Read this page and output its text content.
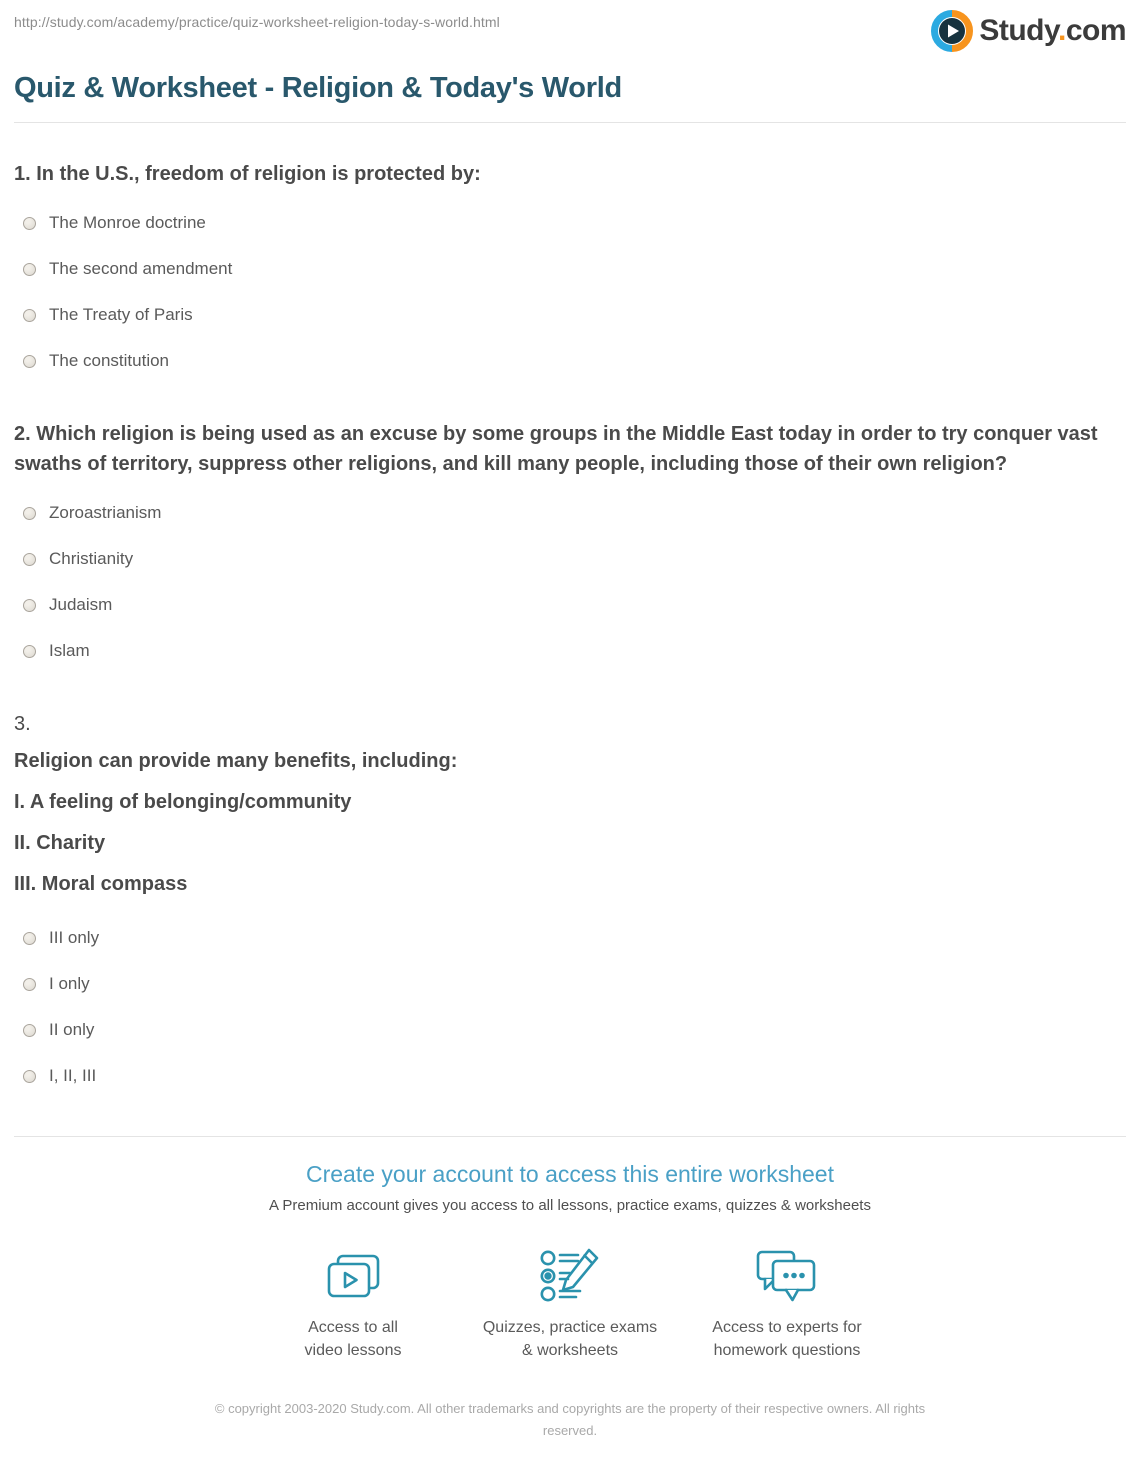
http://study.com/academy/practice/quiz-worksheet-religion-today-s-world.html	Study.com
Quiz & Worksheet - Religion & Today's World
1. In the U.S., freedom of religion is protected by:
The Monroe doctrine
The second amendment
The Treaty of Paris
The constitution
2. Which religion is being used as an excuse by some groups in the Middle East today in order to try conquer vast swaths of territory, suppress other religions, and kill many people, including those of their own religion?
Zoroastrianism
Christianity
Judaism
Islam
3.
Religion can provide many benefits, including:
I. A feeling of belonging/community
II. Charity
III. Moral compass
III only
I only
II only
I, II, III
Create your account to access this entire worksheet
A Premium account gives you access to all lessons, practice exams, quizzes & worksheets
Access to all
video lessons
Quizzes, practice exams
& worksheets
Access to experts for
homework questions
© copyright 2003-2020 Study.com. All other trademarks and copyrights are the property of their respective owners. All rights reserved.
